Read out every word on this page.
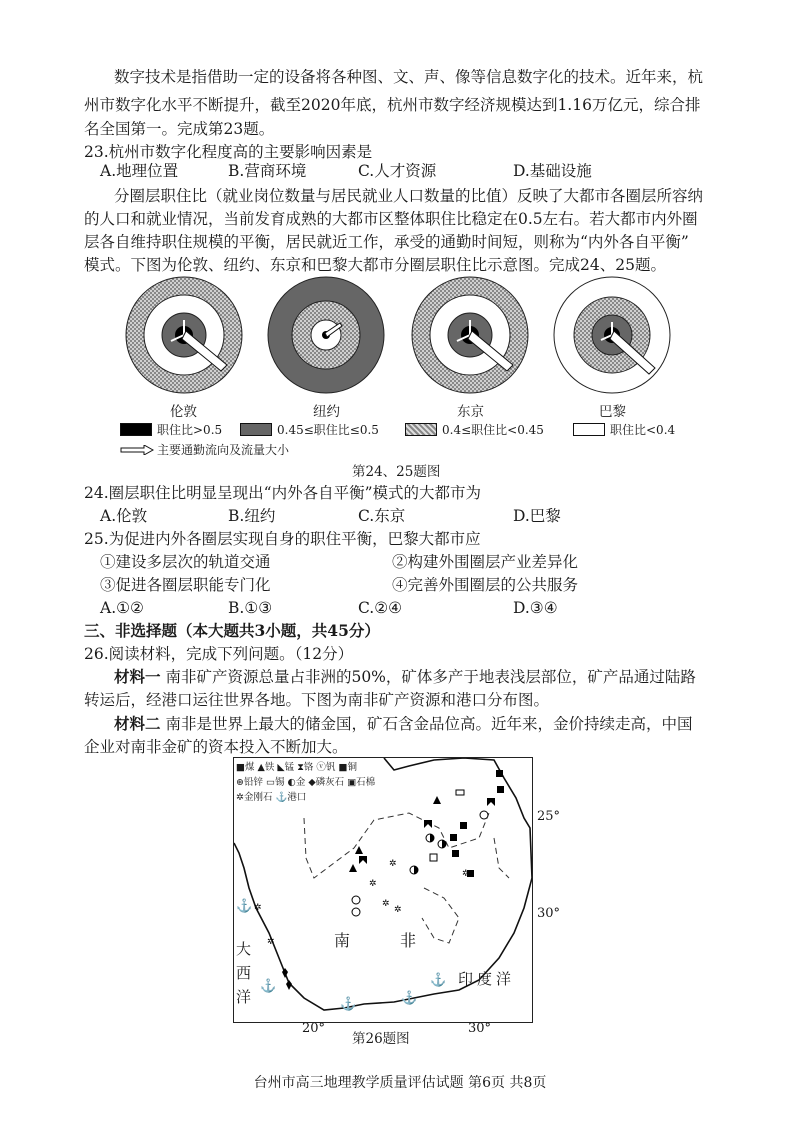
数字技术是指借助一定的设备将各种图、文、声、像等信息数字化的技术。近年来，杭
州市数字化水平不断提升，截至2020年底，杭州市数字经济规模达到1.16万亿元，综合排
名全国第一。完成第23题。
23.杭州市数字化程度高的主要影响因素是
A.地理位置	B.营商环境	C.人才资源	D.基础设施
分圈层职住比（就业岗位数量与居民就业人口数量的比值）反映了大都市各圈层所容纳
的人口和就业情况，当前发育成熟的大都市区整体职住比稳定在0.5左右。若大都市内外圈
层各自维持职住规模的平衡，居民就近工作，承受的通勤时间短，则称为“内外各自平衡”
模式。下图为伦敦、纽约、东京和巴黎大都市分圈层职住比示意图。完成24、25题。
伦敦	纽约	东京	巴黎
职住比>0.5	0.45≤职住比≤0.5	0.4≤职住比<0.45	职住比<0.4
主要通勤流向及流量大小
第24、25题图
24.圈层职住比明显呈现出“内外各自平衡”模式的大都市为
A.伦敦	B.纽约	C.东京	D.巴黎
25.为促进内外各圈层实现自身的职住平衡，巴黎大都市应
①建设多层次的轨道交通	②构建外围圈层产业差异化
③促进各圈层职能专门化	④完善外围圈层的公共服务
A.①②	B.①③	C.②④	D.③④
三、非选择题（本大题共3小题，共45分）
26.阅读材料，完成下列问题。（12分）
材料一 南非矿产资源总量占非洲的50%，矿体多产于地表浅层部位，矿产品通过陆路
转运后，经港口运往世界各地。下图为南非矿产资源和港口分布图。
材料二 南非是世界上最大的储金国，矿石含金品位高。近年来，金价持续走高，中国
企业对南非金矿的资本投入不断加大。
✲
✲
✲
✲
✲
✲
✲
⚓
⚓
⚓	⚓
⚓
■煤 ▲铁 ◣锰 ⧗铬 ⓥ钒 ■铜
⊛铅锌 ▭锡 ◐金 ◆磷灰石 ▣石棉
✲金刚石 ⚓港口
南	非
大
西
洋
印度洋
25°
30°
20°	30°
第26题图
台州市高三地理教学质量评估试题 第6页 共8页
